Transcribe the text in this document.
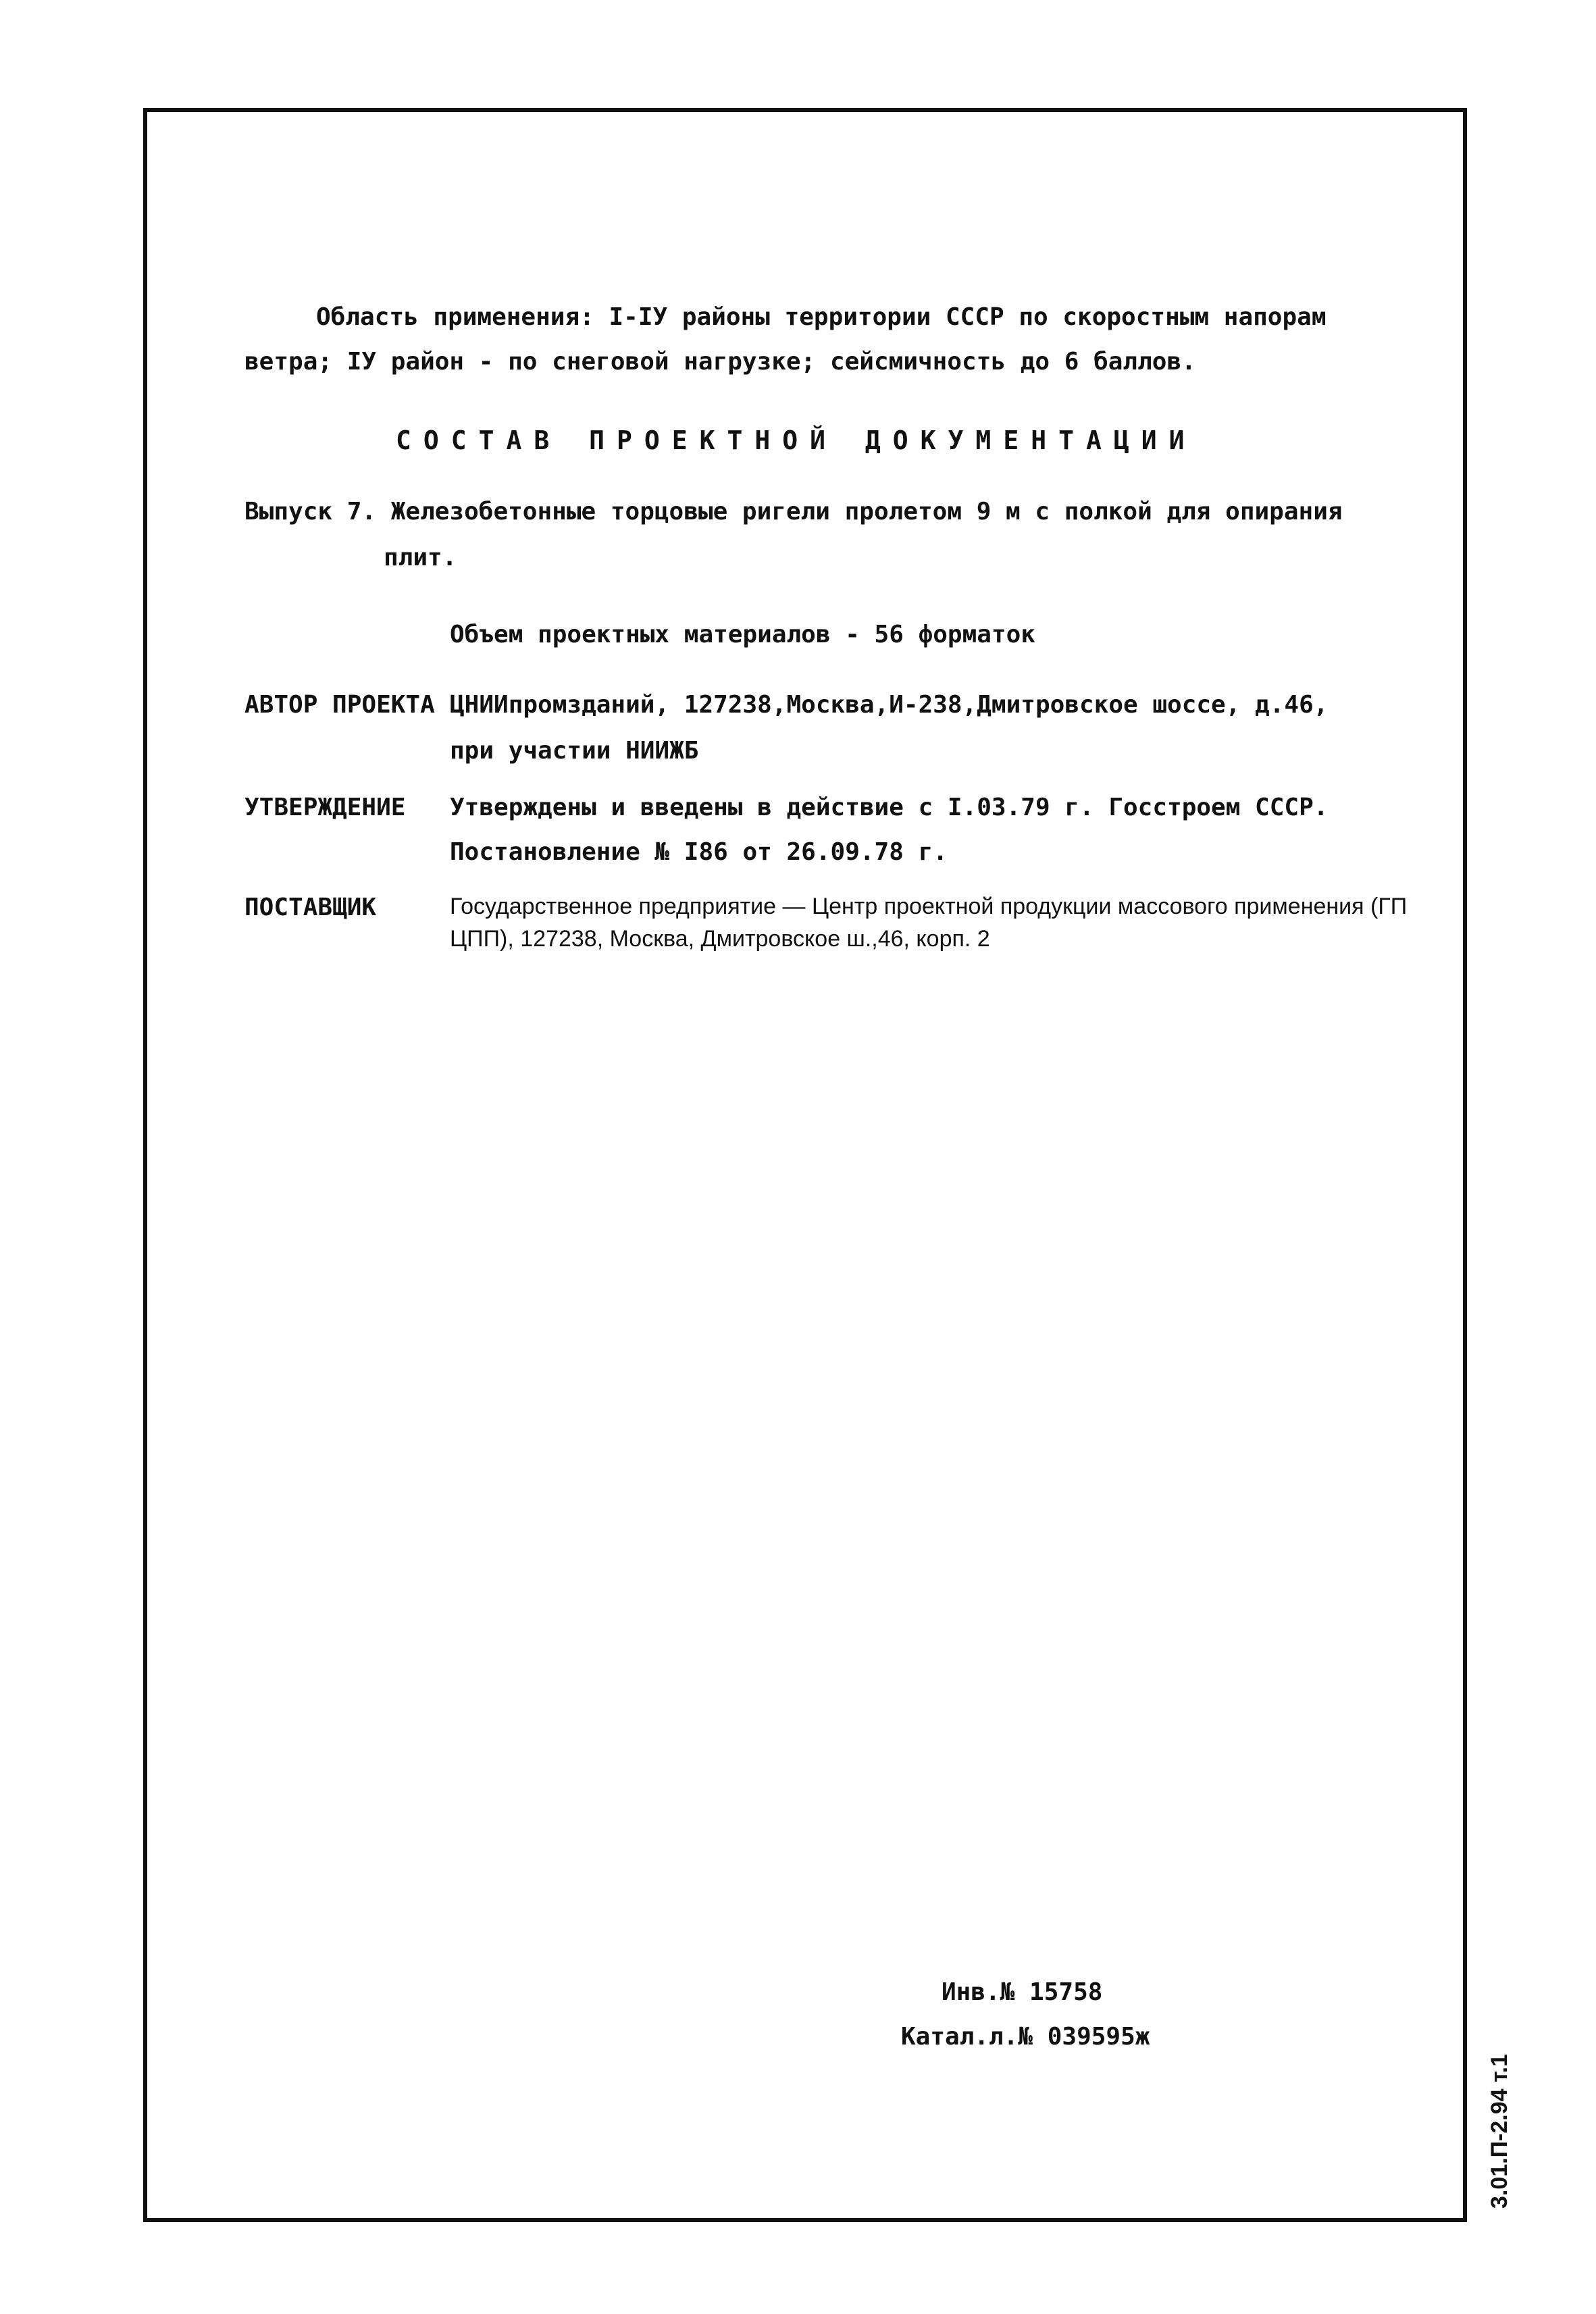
Область применения: I-IУ районы территории СССР по скоростным напорам
ветра; IУ район - по снеговой нагрузке; сейсмичность до 6 баллов.
СОСТАВ ПРОЕКТНОЙ ДОКУМЕНТАЦИИ
Выпуск 7. Железобетонные торцовые ригели пролетом 9 м с полкой для опирания
плит.
Объем проектных материалов - 56 форматок
АВТОР ПРОЕКТА ЦНИИпромзданий, 127238,Москва,И-238,Дмитровское шоссе, д.46,
при участии НИИЖБ
УТВЕРЖДЕНИЕ Утверждены и введены в действие с I.03.79 г. Госстроем СССР.
Постановление № I86 от 26.09.78 г.
ПОСТАВЩИК	Государственное предприятие — Центр проектной продукции массового применения (ГП ЦПП), 127238, Москва, Дмитровское ш.,46, корп. 2
Инв.№ 15758
Катал.л.№ 039595ж
3.01.П-2.94 т.1
